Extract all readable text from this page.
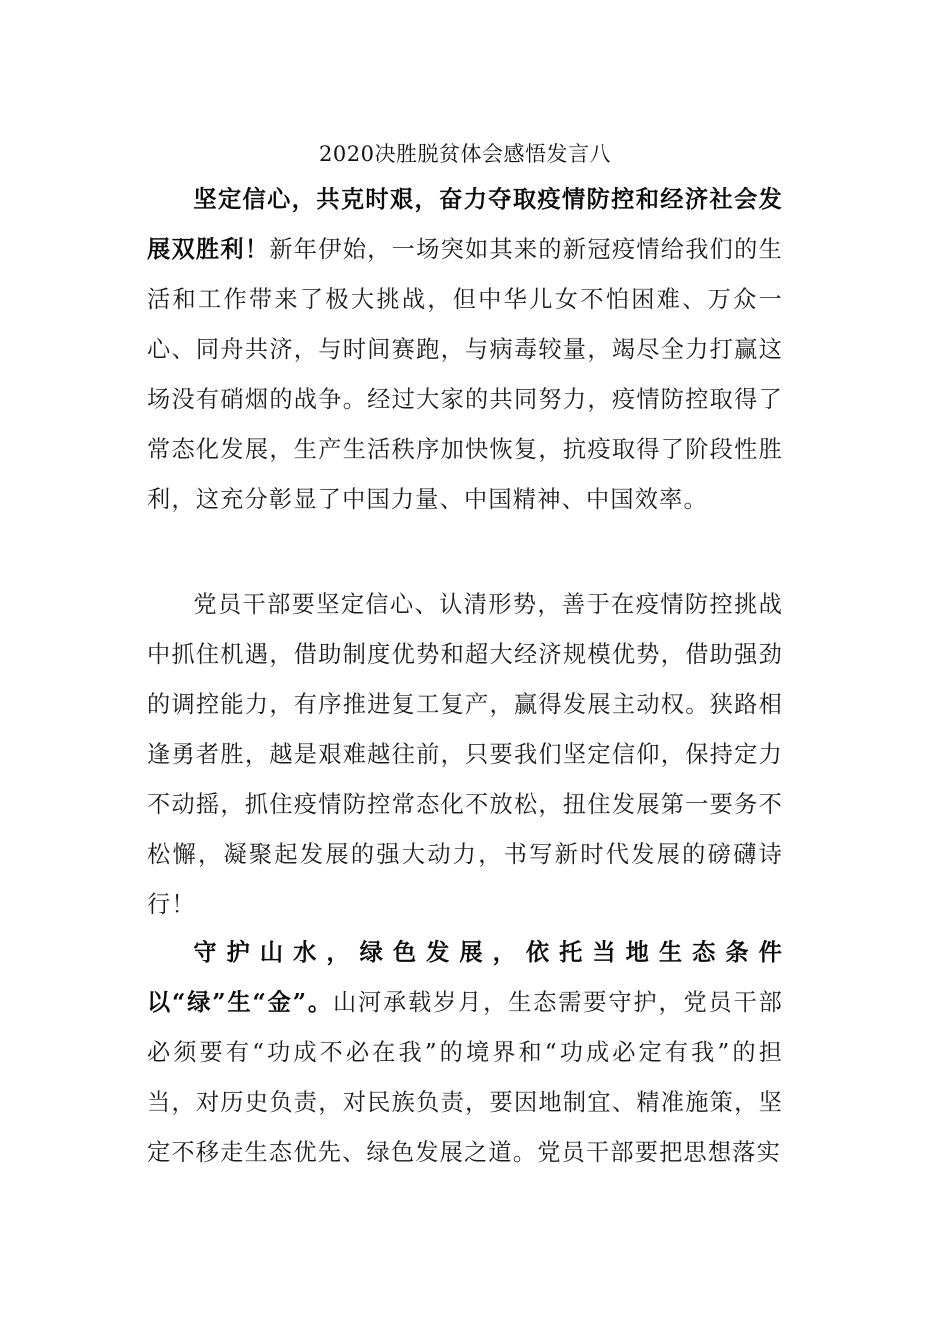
2020决胜脱贫体会感悟发言八

坚定信心，共克时艰，奋力夺取疫情防控和经济社会发展双胜利！新年伊始，一场突如其来的新冠疫情给我们的生活和工作带来了极大挑战，但中华儿女不怕困难、万众一心、同舟共济，与时间赛跑，与病毒较量，竭尽全力打赢这场没有硝烟的战争。经过大家的共同努力，疫情防控取得了常态化发展，生产生活秩序加快恢复，抗疫取得了阶段性胜利，这充分彰显了中国力量、中国精神、中国效率。

党员干部要坚定信心、认清形势，善于在疫情防控挑战中抓住机遇，借助制度优势和超大经济规模优势，借助强劲的调控能力，有序推进复工复产，赢得发展主动权。狭路相逢勇者胜，越是艰难越往前，只要我们坚定信仰，保持定力不动摇，抓住疫情防控常态化不放松，扭住发展第一要务不松懈，凝聚起发展的强大动力，书写新时代发展的磅礴诗行！

守护山水，绿色发展，依托当地生态条件以“绿”生“金”。山河承载岁月，生态需要守护，党员干部必须要有“功成不必在我”的境界和“功成必定有我”的担当，对历史负责，对民族负责，要因地制宜、精准施策，坚定不移走生态优先、绿色发展之道。党员干部要把思想落实
